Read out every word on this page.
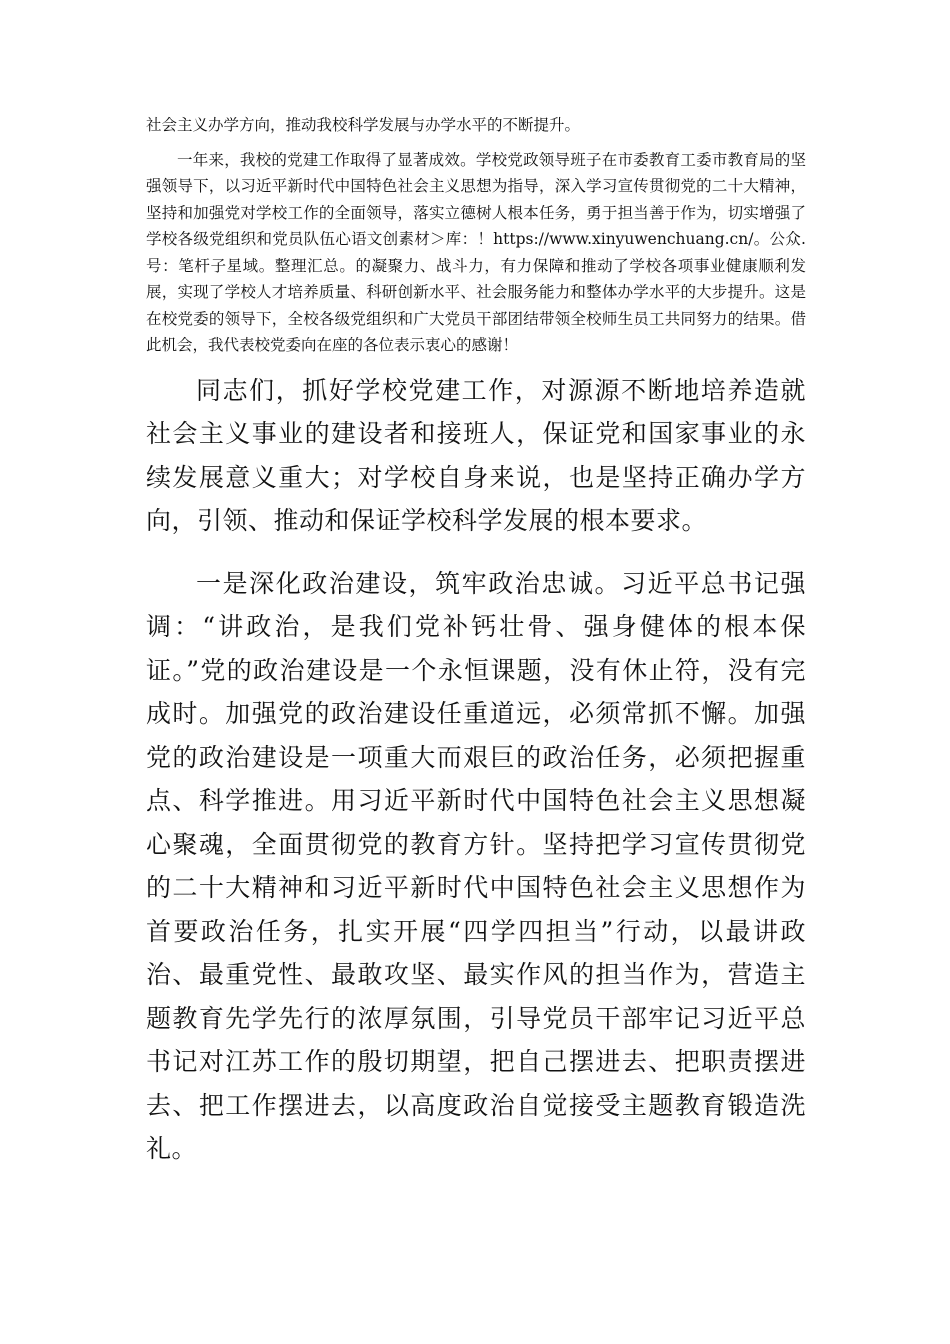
社会主义办学方向，推动我校科学发展与办学水平的不断提升。

一年来，我校的党建工作取得了显著成效。学校党政领导班子在市委教育工委市教育局的坚强领导下，以习近平新时代中国特色社会主义思想为指导，深入学习宣传贯彻党的二十大精神，坚持和加强党对学校工作的全面领导，落实立德树人根本任务，勇于担当善于作为，切实增强了学校各级党组织和党员队伍心语文创素材＞库：！https://www.xinyuwenchuang.cn/。公众.号：笔杆子星域。整理汇总。的凝聚力、战斗力，有力保障和推动了学校各项事业健康顺利发展，实现了学校人才培养质量、科研创新水平、社会服务能力和整体办学水平的大步提升。这是在校党委的领导下，全校各级党组织和广大党员干部团结带领全校师生员工共同努力的结果。借此机会，我代表校党委向在座的各位表示衷心的感谢！

同志们，抓好学校党建工作，对源源不断地培养造就社会主义事业的建设者和接班人，保证党和国家事业的永续发展意义重大；对学校自身来说，也是坚持正确办学方向，引领、推动和保证学校科学发展的根本要求。

一是深化政治建设，筑牢政治忠诚。习近平总书记强调：“讲政治，是我们党补钙壮骨、强身健体的根本保证。”党的政治建设是一个永恒课题，没有休止符，没有完成时。加强党的政治建设任重道远，必须常抓不懈。加强党的政治建设是一项重大而艰巨的政治任务，必须把握重点、科学推进。用习近平新时代中国特色社会主义思想凝心聚魂，全面贯彻党的教育方针。坚持把学习宣传贯彻党的二十大精神和习近平新时代中国特色社会主义思想作为首要政治任务，扎实开展“四学四担当”行动，以最讲政治、最重党性、最敢攻坚、最实作风的担当作为，营造主题教育先学先行的浓厚氛围，引导党员干部牢记习近平总书记对江苏工作的殷切期望，把自己摆进去、把职责摆进去、把工作摆进去，以高度政治自觉接受主题教育锻造洗礼。
